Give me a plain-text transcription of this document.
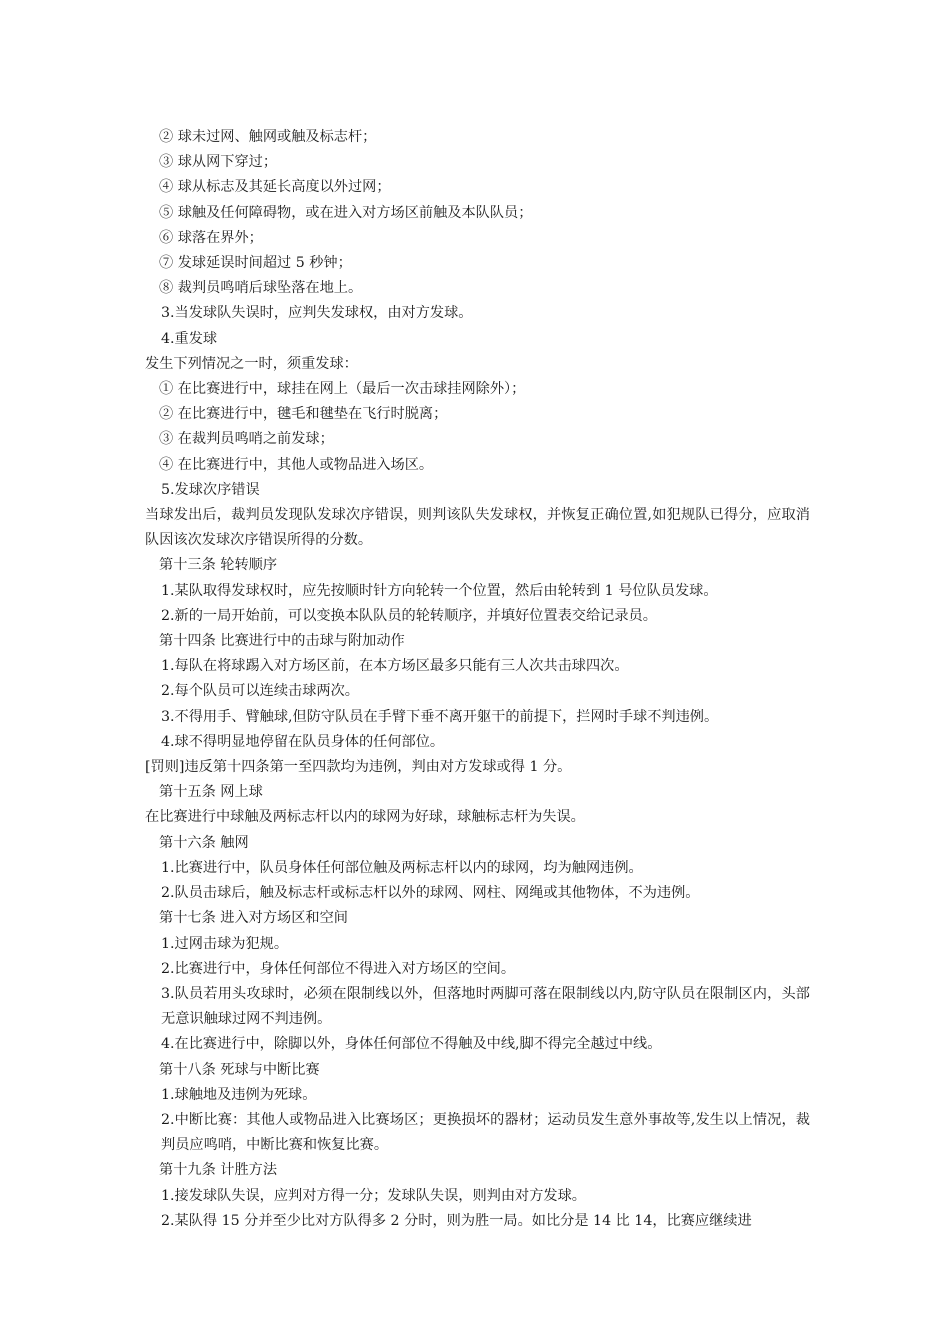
② 球未过网、触网或触及标志杆；

③ 球从网下穿过；

④ 球从标志及其延长高度以外过网；

⑤ 球触及任何障碍物，或在进入对方场区前触及本队队员；

⑥ 球落在界外；

⑦ 发球延误时间超过 5 秒钟；

⑧ 裁判员鸣哨后球坠落在地上。

3.当发球队失误时，应判失发球权，由对方发球。

4.重发球

发生下列情况之一时，须重发球：

① 在比赛进行中，球挂在网上（最后一次击球挂网除外）；

② 在比赛进行中，毽毛和毽垫在飞行时脱离；

③ 在裁判员鸣哨之前发球；

④ 在比赛进行中，其他人或物品进入场区。

5.发球次序错误

当球发出后，裁判员发现队发球次序错误，则判该队失发球权，并恢复正确位置,如犯规队已得分，应取消队因该次发球次序错误所得的分数。

第十三条 轮转顺序

1.某队取得发球权时，应先按顺时针方向轮转一个位置，然后由轮转到 1 号位队员发球。

2.新的一局开始前，可以变换本队队员的轮转顺序，并填好位置表交给记录员。

第十四条 比赛进行中的击球与附加动作

1.每队在将球踢入对方场区前，在本方场区最多只能有三人次共击球四次。

2.每个队员可以连续击球两次。

3.不得用手、臂触球,但防守队员在手臂下垂不离开躯干的前提下，拦网时手球不判违例。

4.球不得明显地停留在队员身体的任何部位。

[罚则]违反第十四条第一至四款均为违例，判由对方发球或得 1 分。

第十五条 网上球

在比赛进行中球触及两标志杆以内的球网为好球，球触标志杆为失误。

第十六条 触网

1.比赛进行中，队员身体任何部位触及两标志杆以内的球网，均为触网违例。

2.队员击球后，触及标志杆或标志杆以外的球网、网柱、网绳或其他物体，不为违例。

第十七条 进入对方场区和空间

1.过网击球为犯规。

2.比赛进行中，身体任何部位不得进入对方场区的空间。

3.队员若用头攻球时，必须在限制线以外，但落地时两脚可落在限制线以内,防守队员在限制区内，头部无意识触球过网不判违例。

4.在比赛进行中，除脚以外，身体任何部位不得触及中线,脚不得完全越过中线。

第十八条 死球与中断比赛

1.球触地及违例为死球。

2.中断比赛：其他人或物品进入比赛场区；更换损坏的器材；运动员发生意外事故等,发生以上情况，裁判员应鸣哨，中断比赛和恢复比赛。

第十九条 计胜方法

1.接发球队失误，应判对方得一分；发球队失误，则判由对方发球。

2.某队得 15 分并至少比对方队得多 2 分时，则为胜一局。如比分是 14 比 14，比赛应继续进
